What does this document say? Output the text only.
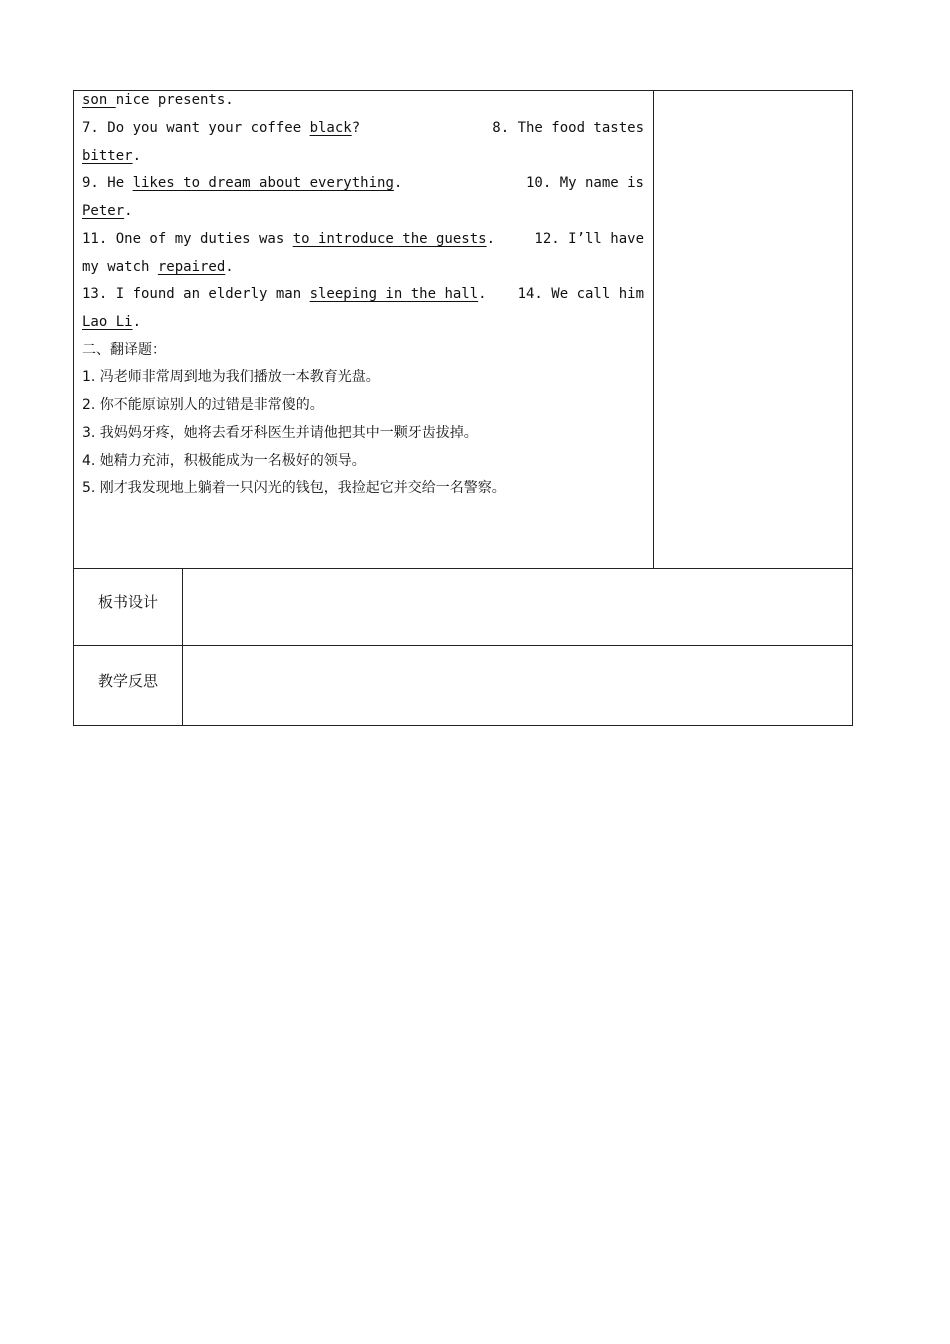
son nice presents.
7. Do you want your coffee black?	8. The food tastes
bitter.
9. He likes to dream about everything.	10. My name is
Peter.
11. One of my duties was to introduce the guests.	12. I’ll have
my watch repaired.
13. I found an elderly man sleeping in the hall. 14. We call him
Lao Li.
二、翻译题：
1. 冯老师非常周到地为我们播放一本教育光盘。
2. 你不能原谅别人的过错是非常傻的。
3. 我妈妈牙疼，她将去看牙科医生并请他把其中一颗牙齿拔掉。
4. 她精力充沛，积极能成为一名极好的领导。
5. 刚才我发现地上躺着一只闪光的钱包，我捡起它并交给一名警察。
板书设计
教学反思
